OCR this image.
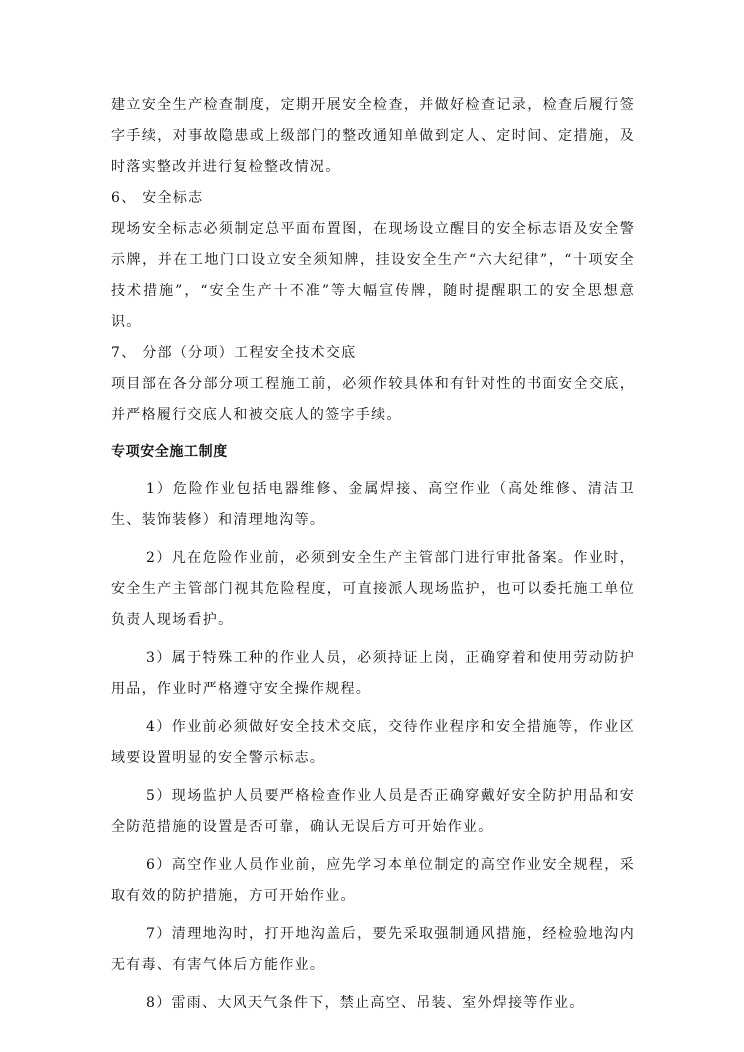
建立安全生产检查制度，定期开展安全检查，并做好检查记录，检查后履行签字手续，对事故隐患或上级部门的整改通知单做到定人、定时间、定措施，及时落实整改并进行复检整改情况。

6、 安全标志

现场安全标志必须制定总平面布置图，在现场设立醒目的安全标志语及安全警示牌，并在工地门口设立安全须知牌，挂设安全生产“六大纪律”，“十项安全技术措施”，“安全生产十不准”等大幅宣传牌，随时提醒职工的安全思想意识。

7、 分部（分项）工程安全技术交底

项目部在各分部分项工程施工前，必须作较具体和有针对性的书面安全交底，并严格履行交底人和被交底人的签字手续。

专项安全施工制度

1）危险作业包括电器维修、金属焊接、高空作业（高处维修、清洁卫生、装饰装修）和清理地沟等。

2）凡在危险作业前，必须到安全生产主管部门进行审批备案。作业时，安全生产主管部门视其危险程度，可直接派人现场监护，也可以委托施工单位负责人现场看护。

3）属于特殊工种的作业人员，必须持证上岗，正确穿着和使用劳动防护用品，作业时严格遵守安全操作规程。

4）作业前必须做好安全技术交底，交待作业程序和安全措施等，作业区域要设置明显的安全警示标志。

5）现场监护人员要严格检查作业人员是否正确穿戴好安全防护用品和安全防范措施的设置是否可靠，确认无误后方可开始作业。

6）高空作业人员作业前，应先学习本单位制定的高空作业安全规程，采取有效的防护措施，方可开始作业。

7）清理地沟时，打开地沟盖后，要先采取强制通风措施，经检验地沟内无有毒、有害气体后方能作业。

8）雷雨、大风天气条件下，禁止高空、吊装、室外焊接等作业。
